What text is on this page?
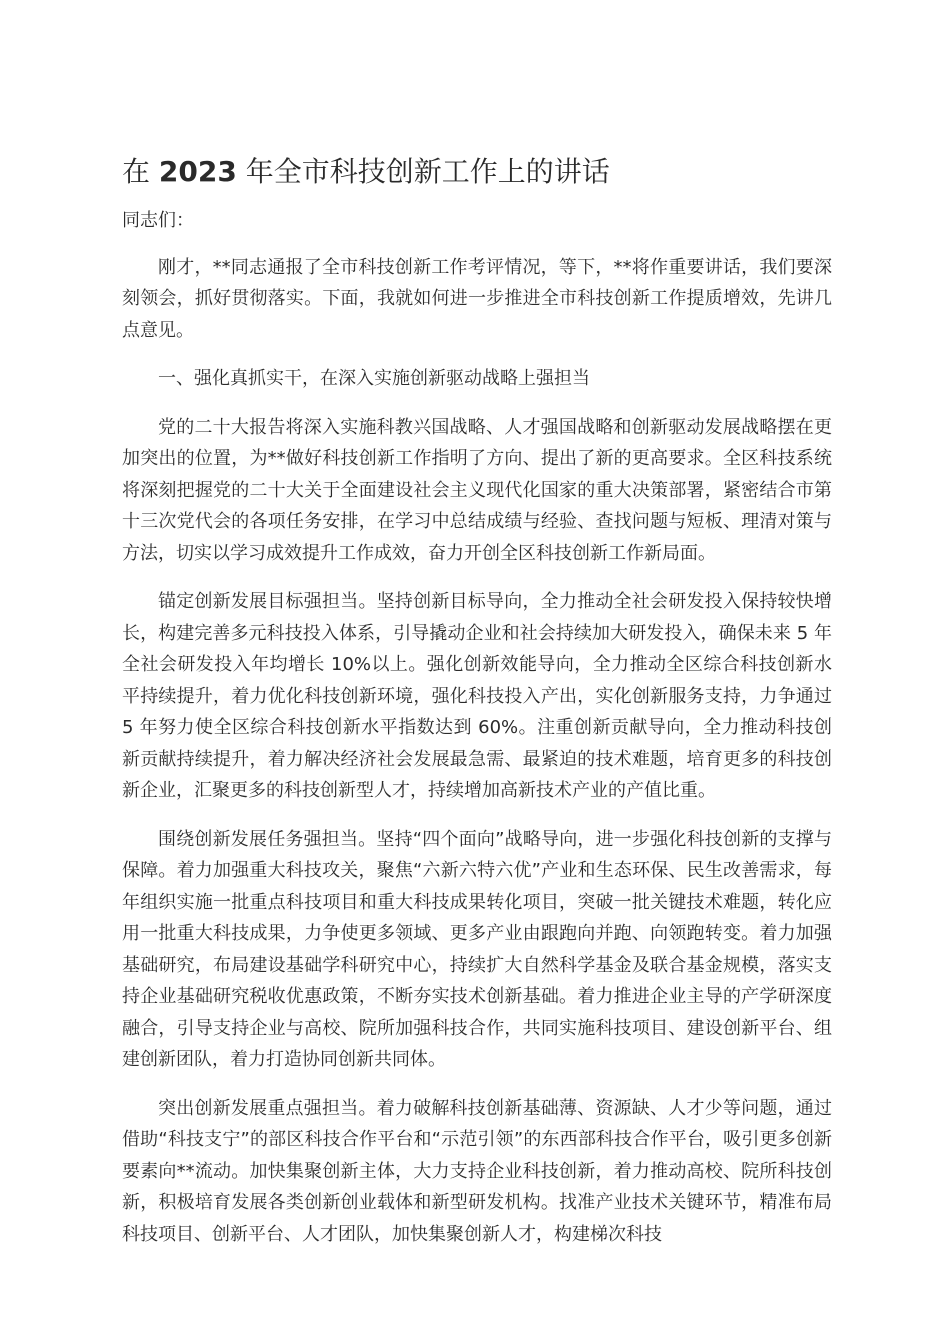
在 2023 年全市科技创新工作上的讲话

同志们：

刚才，**同志通报了全市科技创新工作考评情况，等下，**将作重要讲话，我们要深刻领会，抓好贯彻落实。下面，我就如何进一步推进全市科技创新工作提质增效，先讲几点意见。

一、强化真抓实干，在深入实施创新驱动战略上强担当

党的二十大报告将深入实施科教兴国战略、人才强国战略和创新驱动发展战略摆在更加突出的位置，为**做好科技创新工作指明了方向、提出了新的更高要求。全区科技系统将深刻把握党的二十大关于全面建设社会主义现代化国家的重大决策部署，紧密结合市第十三次党代会的各项任务安排，在学习中总结成绩与经验、查找问题与短板、理清对策与方法，切实以学习成效提升工作成效，奋力开创全区科技创新工作新局面。

锚定创新发展目标强担当。坚持创新目标导向，全力推动全社会研发投入保持较快增长，构建完善多元科技投入体系，引导撬动企业和社会持续加大研发投入，确保未来 5 年全社会研发投入年均增长 10%以上。强化创新效能导向，全力推动全区综合科技创新水平持续提升，着力优化科技创新环境，强化科技投入产出，实化创新服务支持，力争通过 5 年努力使全区综合科技创新水平指数达到 60%。注重创新贡献导向，全力推动科技创新贡献持续提升，着力解决经济社会发展最急需、最紧迫的技术难题，培育更多的科技创新企业，汇聚更多的科技创新型人才，持续增加高新技术产业的产值比重。

围绕创新发展任务强担当。坚持“四个面向”战略导向，进一步强化科技创新的支撑与保障。着力加强重大科技攻关，聚焦“六新六特六优”产业和生态环保、民生改善需求，每年组织实施一批重点科技项目和重大科技成果转化项目，突破一批关键技术难题，转化应用一批重大科技成果，力争使更多领域、更多产业由跟跑向并跑、向领跑转变。着力加强基础研究，布局建设基础学科研究中心，持续扩大自然科学基金及联合基金规模，落实支持企业基础研究税收优惠政策，不断夯实技术创新基础。着力推进企业主导的产学研深度融合，引导支持企业与高校、院所加强科技合作，共同实施科技项目、建设创新平台、组建创新团队，着力打造协同创新共同体。

突出创新发展重点强担当。着力破解科技创新基础薄、资源缺、人才少等问题，通过借助“科技支宁”的部区科技合作平台和“示范引领”的东西部科技合作平台，吸引更多创新要素向**流动。加快集聚创新主体，大力支持企业科技创新，着力推动高校、院所科技创新，积极培育发展各类创新创业载体和新型研发机构。找准产业技术关键环节，精准布局科技项目、创新平台、人才团队，加快集聚创新人才，构建梯次科技
